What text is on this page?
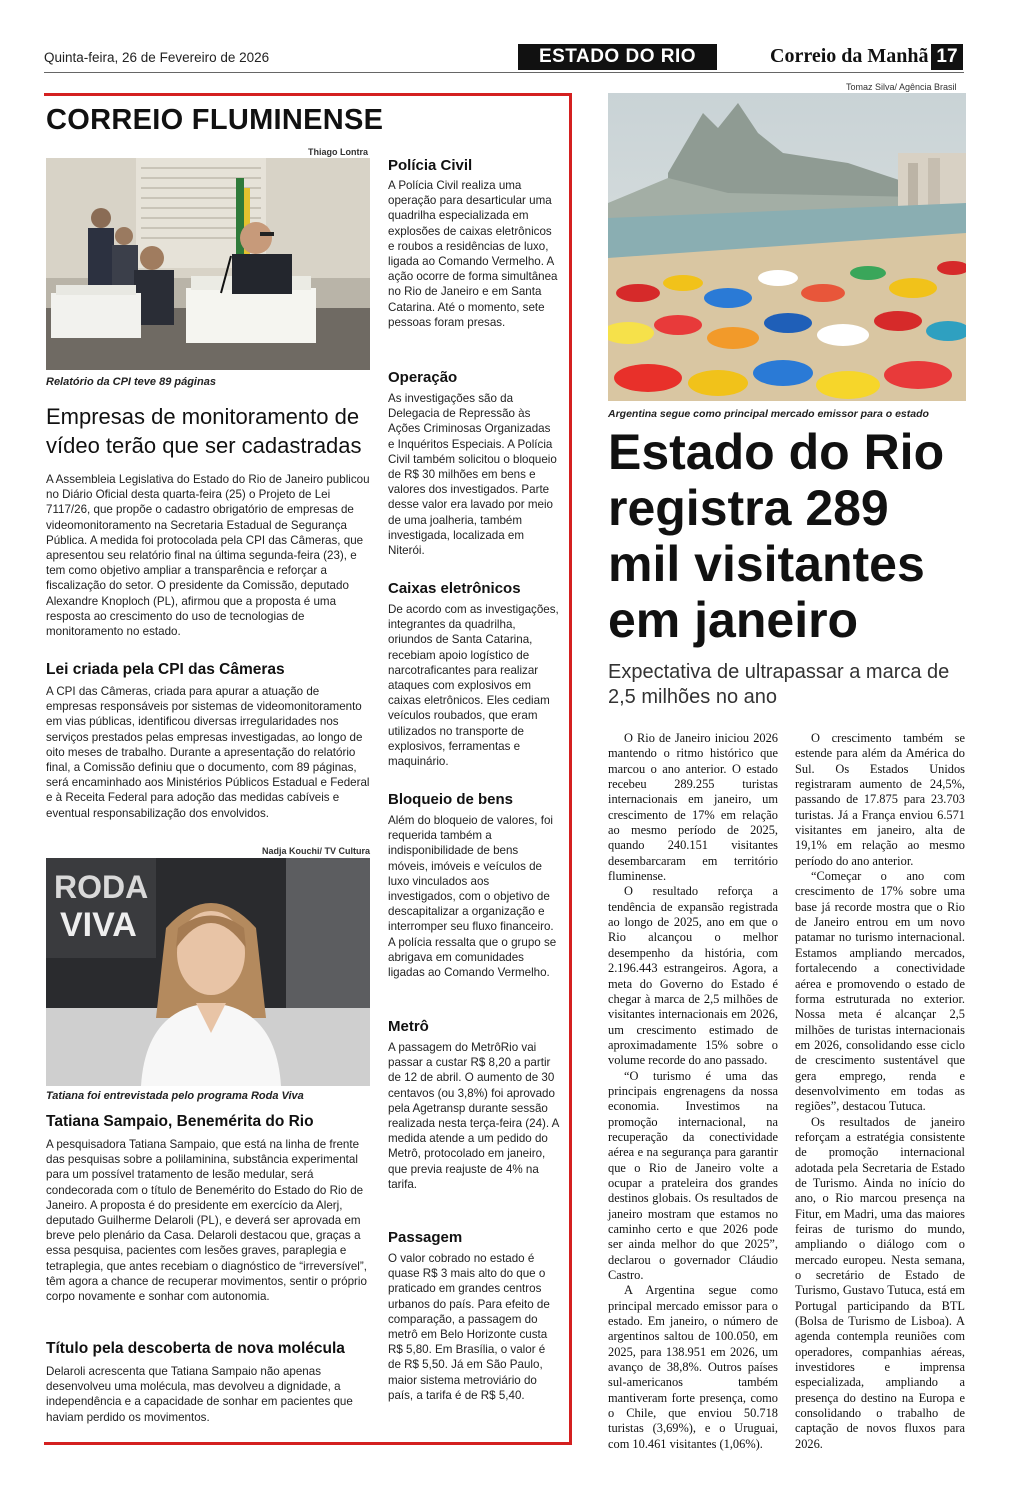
Quinta-feira, 26 de Fevereiro de 2026	ESTADO DO RIO	Correio da Manhã 17
CORREIO FLUMINENSE
Thiago Lontra
Relatório da CPI teve 89 páginas
Empresas de monitoramento de vídeo terão que ser cadastradas

A Assembleia Legislativa do Estado do Rio de Janeiro publicou no Diário Oficial desta quarta-feira (25) o Projeto de Lei 7117/26, que propõe o cadastro obrigatório de empresas de videomonitoramento na Secretaria Estadual de Segurança Pública. A medida foi protocolada pela CPI das Câmeras, que apresentou seu relatório final na última segunda-feira (23), e tem como objetivo ampliar a transparência e reforçar a fiscalização do setor. O presidente da Comissão, deputado Alexandre Knoploch (PL), afirmou que a proposta é uma resposta ao crescimento do uso de tecnologias de monitoramento no estado.

Lei criada pela CPI das Câmeras

A CPI das Câmeras, criada para apurar a atuação de empresas responsáveis por sistemas de videomonitoramento em vias públicas, identificou diversas irregularidades nos serviços prestados pelas empresas investigadas, ao longo de oito meses de trabalho. Durante a apresentação do relatório final, a Comissão definiu que o documento, com 89 páginas, será encaminhado aos Ministérios Públicos Estadual e Federal e à Receita Federal para adoção das medidas cabíveis e eventual responsabilização dos envolvidos.

Nadja Kouchi/ TV Cultura
RODA
VIVA
Tatiana foi entrevistada pelo programa Roda Viva
Tatiana Sampaio, Benemérita do Rio

A pesquisadora Tatiana Sampaio, que está na linha de frente das pesquisas sobre a polilaminina, substância experimental para um possível tratamento de lesão medular, será condecorada com o título de Benemérito do Estado do Rio de Janeiro. A proposta é do presidente em exercício da Alerj, deputado Guilherme Delaroli (PL), e deverá ser aprovada em breve pelo plenário da Casa. Delaroli destacou que, graças a essa pesquisa, pacientes com lesões graves, paraplegia e tetraplegia, que antes recebiam o diagnóstico de “irreversível”, têm agora a chance de recuperar movimentos, sentir o próprio corpo novamente e sonhar com autonomia.

Título pela descoberta de nova molécula

Delaroli acrescenta que Tatiana Sampaio não apenas desenvolveu uma molécula, mas devolveu a dignidade, a independência e a capacidade de sonhar em pacientes que haviam perdido os movimentos.

Polícia Civil
A Polícia Civil realiza uma operação para desarticular uma quadrilha especializada em explosões de caixas eletrônicos e roubos a residências de luxo, ligada ao Comando Vermelho. A ação ocorre de forma simultânea no Rio de Janeiro e em Santa Catarina. Até o momento, sete pessoas foram presas.
Operação
As investigações são da Delegacia de Repressão às Ações Criminosas Organizadas e Inquéritos Especiais. A Polícia Civil também solicitou o bloqueio de R$ 30 milhões em bens e valores dos investigados. Parte desse valor era lavado por meio de uma joalheria, também investigada, localizada em Niterói.
Caixas eletrônicos
De acordo com as investigações, integrantes da quadrilha, oriundos de Santa Catarina, recebiam apoio logístico de narcotraficantes para realizar ataques com explosivos em caixas eletrônicos. Eles cediam veículos roubados, que eram utilizados no transporte de explosivos, ferramentas e maquinário.
Bloqueio de bens
Além do bloqueio de valores, foi requerida também a indisponibilidade de bens móveis, imóveis e veículos de luxo vinculados aos investigados, com o objetivo de descapitalizar a organização e interromper seu fluxo financeiro. A polícia ressalta que o grupo se abrigava em comunidades ligadas ao Comando Vermelho.
Metrô
A passagem do MetrôRio vai passar a custar R$ 8,20 a partir de 12 de abril. O aumento de 30 centavos (ou 3,8%) foi aprovado pela Agetransp durante sessão realizada nesta terça-feira (24). A medida atende a um pedido do Metrô, protocolado em janeiro, que previa reajuste de 4% na tarifa.
Passagem
O valor cobrado no estado é quase R$ 3 mais alto do que o praticado em grandes centros urbanos do país. Para efeito de comparação, a passagem do metrô em Belo Horizonte custa R$ 5,80. Em Brasília, o valor é de R$ 5,50. Já em São Paulo, maior sistema metroviário do país, a tarifa é de R$ 5,40.
Tomaz Silva/ Agência Brasil
Argentina segue como principal mercado emissor para o estado
Estado do Rio registra 289 mil visitantes em janeiro
Expectativa de ultrapassar a marca de 2,5 milhões no ano

O Rio de Janeiro iniciou 2026 mantendo o ritmo histórico que marcou o ano anterior. O estado recebeu 289.255 turistas internacionais em janeiro, um crescimento de 17% em relação ao mesmo período de 2025, quando 240.151 visitantes desembarcaram em território fluminense.

O resultado reforça a tendência de expansão registrada ao longo de 2025, ano em que o Rio alcançou o melhor desempenho da história, com 2.196.443 estrangeiros. Agora, a meta do Governo do Estado é chegar à marca de 2,5 milhões de visitantes internacionais em 2026, um crescimento estimado de aproximadamente 15% sobre o volume recorde do ano passado.

“O turismo é uma das principais engrenagens da nossa economia. Investimos na promoção internacional, na recuperação da conectividade aérea e na segurança para garantir que o Rio de Janeiro volte a ocupar a prateleira dos grandes destinos globais. Os resultados de janeiro mostram que estamos no caminho certo e que 2026 pode ser ainda melhor do que 2025”, declarou o governador Cláudio Castro.

A Argentina segue como principal mercado emissor para o estado. Em janeiro, o número de argentinos saltou de 100.050, em 2025, para 138.951 em 2026, um avanço de 38,8%. Outros países sul-americanos também mantiveram forte presença, como o Chile, que enviou 50.718 turistas (3,69%), e o Uruguai, com 10.461 visitantes (1,06%).

O crescimento também se estende para além da América do Sul. Os Estados Unidos registraram aumento de 24,5%, passando de 17.875 para 23.703 turistas. Já a França enviou 6.571 visitantes em janeiro, alta de 19,1% em relação ao mesmo período do ano anterior.

“Começar o ano com crescimento de 17% sobre uma base já recorde mostra que o Rio de Janeiro entrou em um novo patamar no turismo internacional. Estamos ampliando mercados, fortalecendo a conectividade aérea e promovendo o estado de forma estruturada no exterior. Nossa meta é alcançar 2,5 milhões de turistas internacionais em 2026, consolidando esse ciclo de crescimento sustentável que gera emprego, renda e desenvolvimento em todas as regiões”, destacou Tutuca.

Os resultados de janeiro reforçam a estratégia consistente de promoção internacional adotada pela Secretaria de Estado de Turismo. Ainda no início do ano, o Rio marcou presença na Fitur, em Madri, uma das maiores feiras de turismo do mundo, ampliando o diálogo com o mercado europeu. Nesta semana, o secretário de Estado de Turismo, Gustavo Tutuca, está em Portugal participando da BTL (Bolsa de Turismo de Lisboa). A agenda contempla reuniões com operadores, companhias aéreas, investidores e imprensa especializada, ampliando a presença do destino na Europa e consolidando o trabalho de captação de novos fluxos para 2026.
